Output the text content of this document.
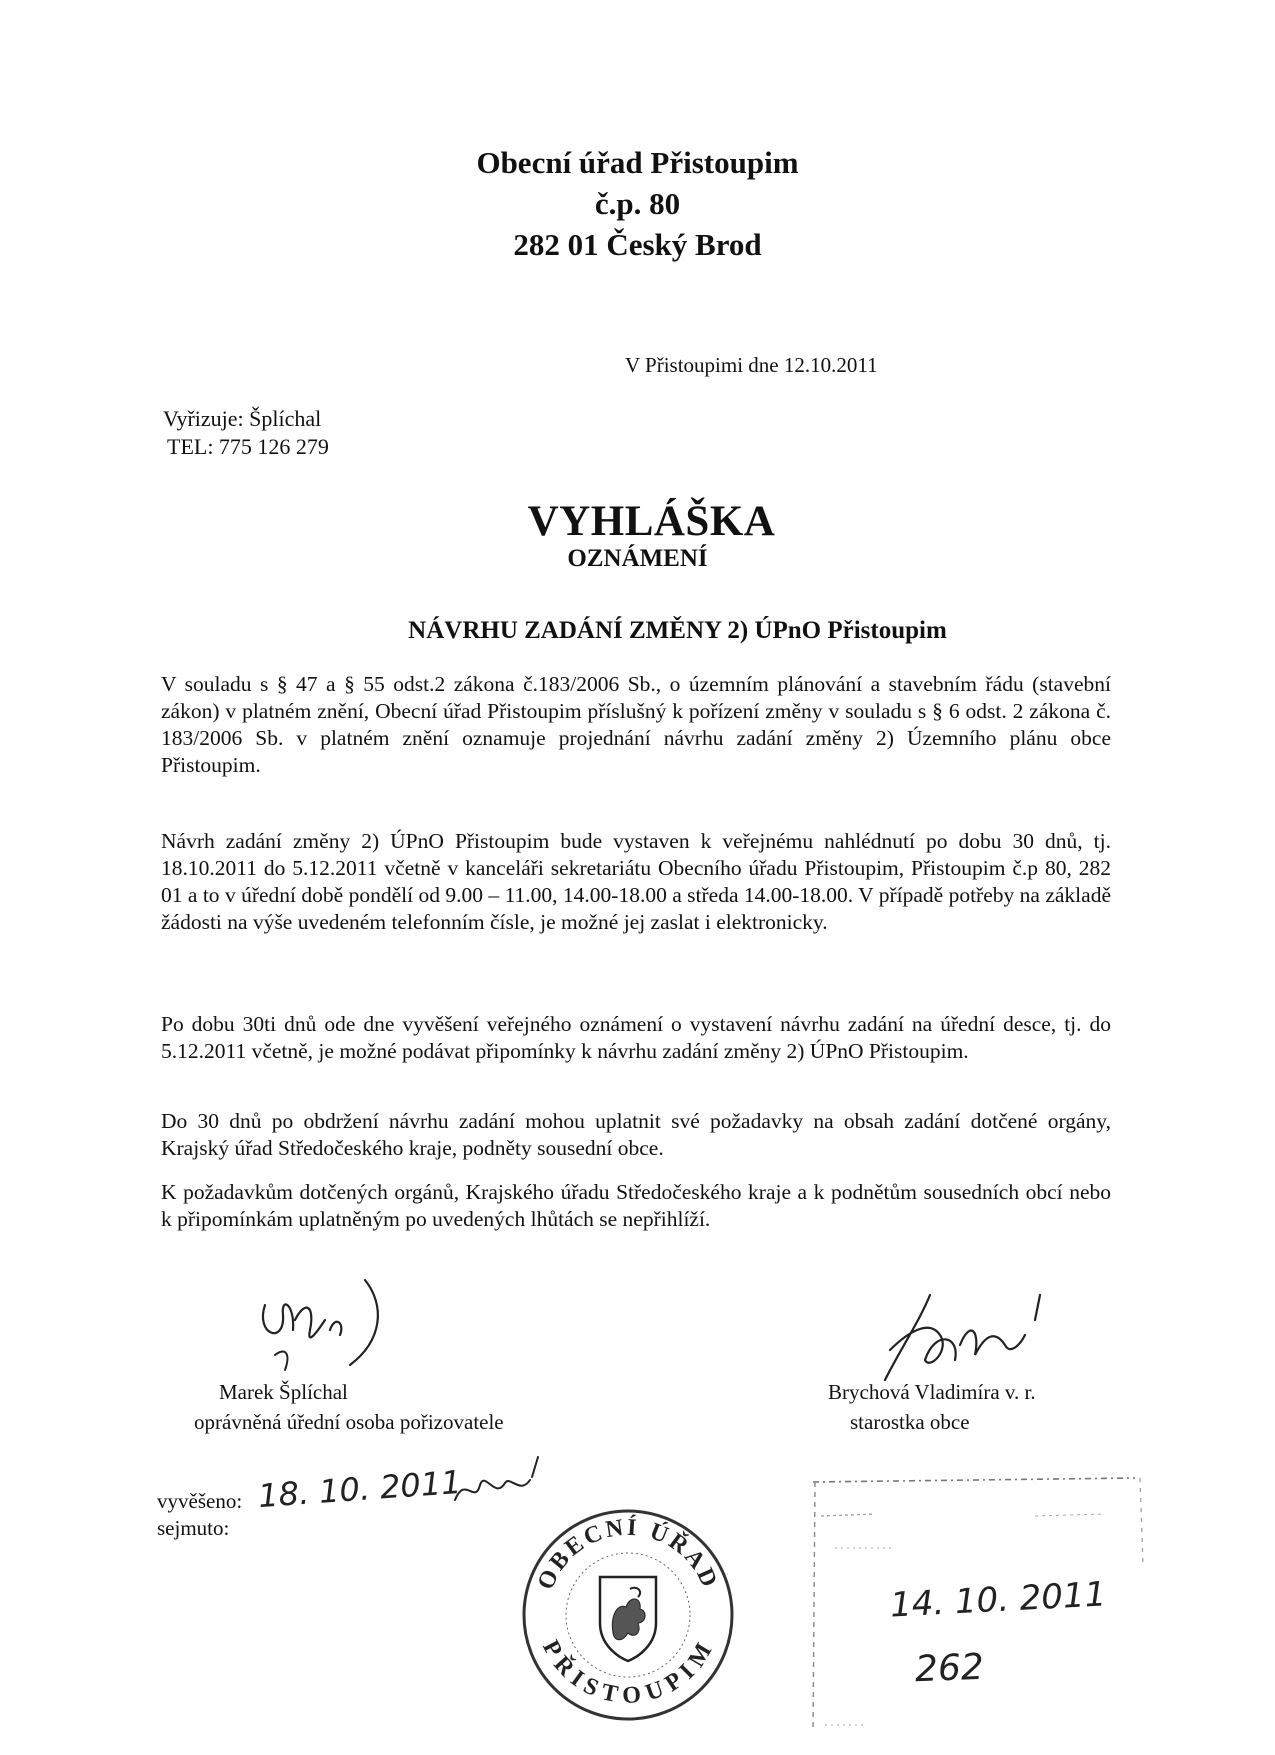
Obecní úřad Přistoupim
č.p. 80
282 01 Český Brod
V Přistoupimi dne 12.10.2011
Vyřizuje: Šplíchal
TEL: 775 126 279
VYHLÁŠKA
OZNÁMENÍ
NÁVRHU ZADÁNÍ ZMĚNY 2) ÚPnO Přistoupim

V souladu s § 47 a § 55 odst.2 zákona č.183/2006 Sb., o územním plánování a stavebním řádu (stavební zákon) v platném znění, Obecní úřad Přistoupim příslušný k pořízení změny v souladu s § 6 odst. 2 zákona č. 183/2006 Sb. v platném znění oznamuje projednání návrhu zadání změny 2) Územního plánu obce Přistoupim.

Návrh zadání změny 2) ÚPnO Přistoupim bude vystaven k veřejnému nahlédnutí po dobu 30 dnů, tj. 18.10.2011 do 5.12.2011 včetně v kanceláři sekretariátu Obecního úřadu Přistoupim, Přistoupim č.p 80, 282 01 a to v úřední době pondělí od 9.00 – 11.00, 14.00-18.00 a středa 14.00-18.00. V případě potřeby na základě žádosti na výše uvedeném telefonním čísle, je možné jej zaslat i elektronicky.

Po dobu 30ti dnů ode dne vyvěšení veřejného oznámení o vystavení návrhu zadání na úřední desce, tj. do 5.12.2011 včetně, je možné podávat připomínky k návrhu zadání změny 2) ÚPnO Přistoupim.

Do 30 dnů po obdržení návrhu zadání mohou uplatnit své požadavky na obsah zadání dotčené orgány, Krajský úřad Středočeského kraje, podněty sousední obce.

K požadavkům dotčených orgánů, Krajského úřadu Středočeského kraje a k podnětům sousedních obcí nebo k připomínkám uplatněným po uvedených lhůtách se nepřihlíží.

Marek Šplíchal
oprávněná úřední osoba pořizovatele
Brychová Vladimíra v. r.
starostka obce
vyvěšeno:
sejmuto:
18. 10. 2011
OBECNÍ ÚŘAD
PŘISTOUPIM
14. 10. 2011
262
